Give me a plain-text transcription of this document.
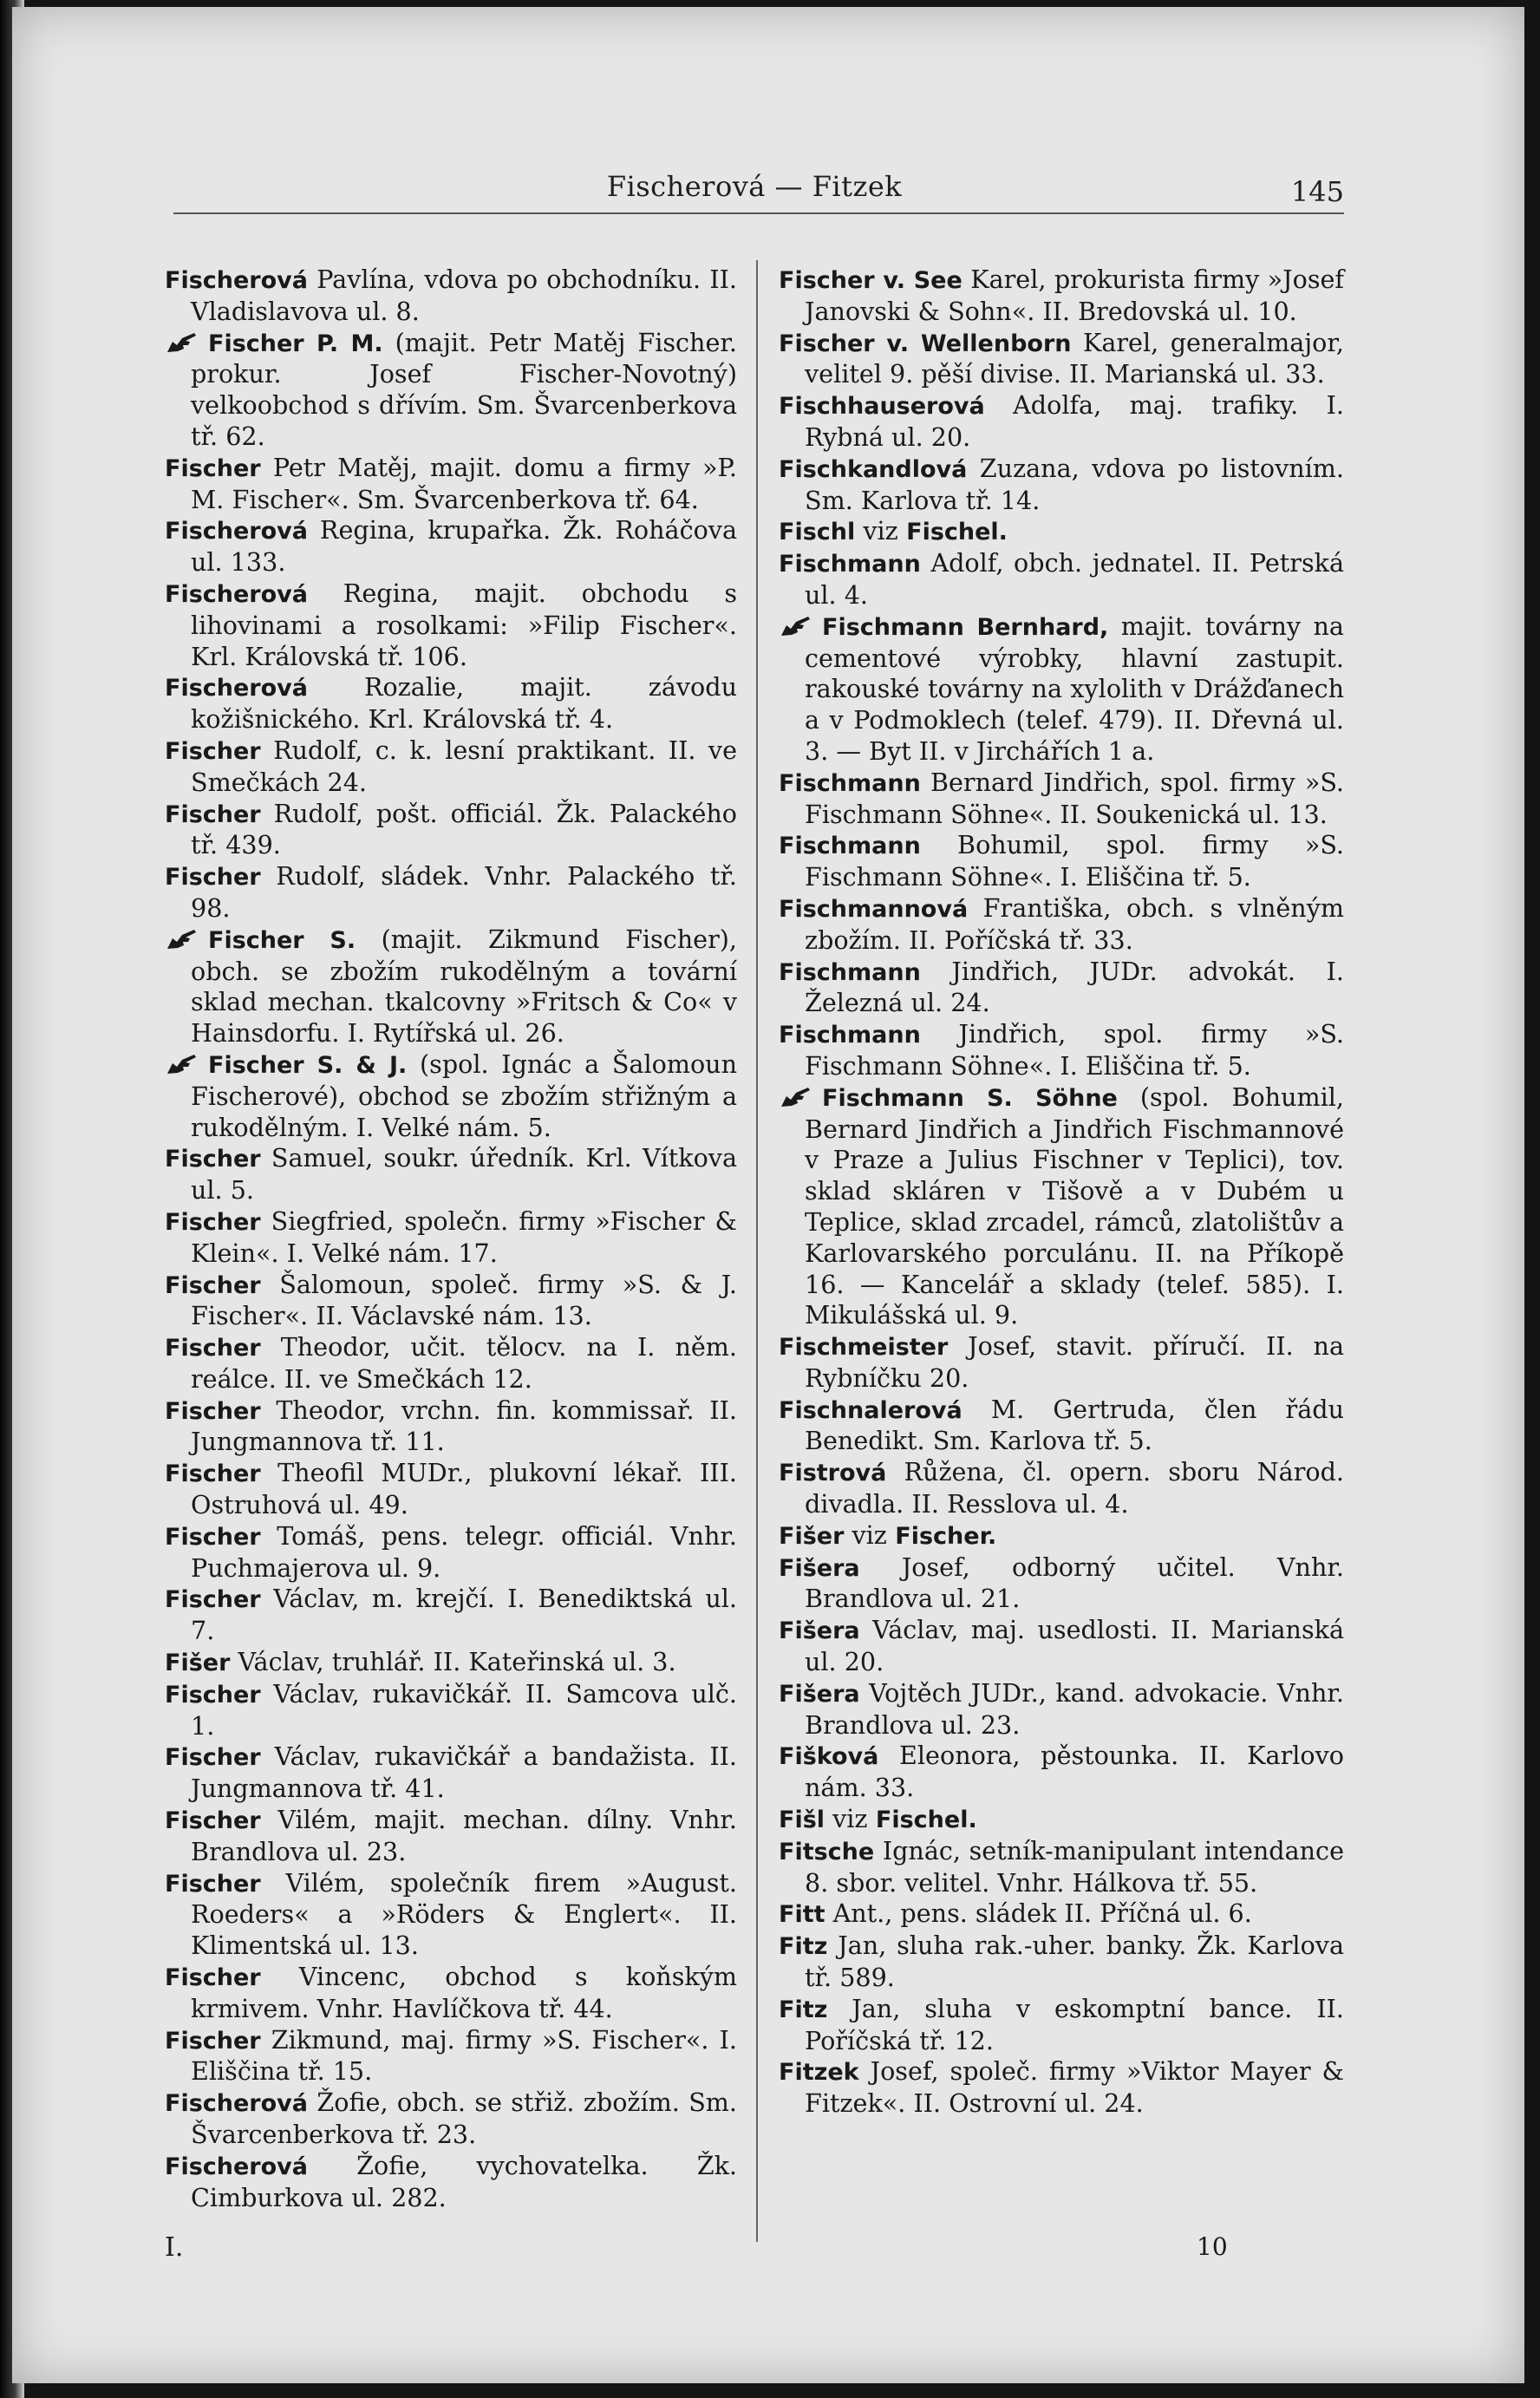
Fischerová — Fitzek	145
Fischerová Pavlína, vdova po obchodníku. II. Vladislavova ul. 8.
Fischer P. M. (majit. Petr Matěj Fischer. prokur. Josef Fischer-Novotný) velkoobchod s dřívím. Sm. Švarcenberkova tř. 62.
Fischer Petr Matěj, majit. domu a firmy »P. M. Fischer«. Sm. Švarcenberkova tř. 64.
Fischerová Regina, krupařka. Žk. Roháčova ul. 133.
Fischerová Regina, majit. obchodu s lihovinami a rosolkami: »Filip Fischer«. Krl. Královská tř. 106.
Fischerová Rozalie, majit. závodu kožišnického. Krl. Královská tř. 4.
Fischer Rudolf, c. k. lesní praktikant. II. ve Smečkách 24.
Fischer Rudolf, pošt. officiál. Žk. Palackého tř. 439.
Fischer Rudolf, sládek. Vnhr. Palackého tř. 98.
Fischer S. (majit. Zikmund Fischer), obch. se zbožím rukodělným a tovární sklad mechan. tkalcovny »Fritsch & Co« v Hainsdorfu. I. Rytířská ul. 26.
Fischer S. & J. (spol. Ignác a Šalomoun Fischerové), obchod se zbožím střižným a rukodělným. I. Velké nám. 5.
Fischer Samuel, soukr. úředník. Krl. Vítkova ul. 5.
Fischer Siegfried, společn. firmy »Fischer & Klein«. I. Velké nám. 17.
Fischer Šalomoun, společ. firmy »S. & J. Fischer«. II. Václavské nám. 13.
Fischer Theodor, učit. tělocv. na I. něm. reálce. II. ve Smečkách 12.
Fischer Theodor, vrchn. fin. kommissař. II. Jungmannova tř. 11.
Fischer Theofil MUDr., plukovní lékař. III. Ostruhová ul. 49.
Fischer Tomáš, pens. telegr. officiál. Vnhr. Puchmajerova ul. 9.
Fischer Václav, m. krejčí. I. Benediktská ul. 7.
Fišer Václav, truhlář. II. Kateřinská ul. 3.
Fischer Václav, rukavičkář. II. Samcova ulč. 1.
Fischer Václav, rukavičkář a bandažista. II. Jungmannova tř. 41.
Fischer Vilém, majit. mechan. dílny. Vnhr. Brandlova ul. 23.
Fischer Vilém, společník firem »August. Roeders« a »Röders & Englert«. II. Klimentská ul. 13.
Fischer Vincenc, obchod s koňským krmivem. Vnhr. Havlíčkova tř. 44.
Fischer Zikmund, maj. firmy »S. Fischer«. I. Eliščina tř. 15.
Fischerová Žofie, obch. se střiž. zbožím. Sm. Švarcenberkova tř. 23.
Fischerová Žofie, vychovatelka. Žk. Cimburkova ul. 282.
Fischer v. See Karel, prokurista firmy »Josef Janovski & Sohn«. II. Bredovská ul. 10.
Fischer v. Wellenborn Karel, generalmajor, velitel 9. pěší divise. II. Marianská ul. 33.
Fischhauserová Adolfa, maj. trafiky. I. Rybná ul. 20.
Fischkandlová Zuzana, vdova po listovním. Sm. Karlova tř. 14.
Fischl viz Fischel.
Fischmann Adolf, obch. jednatel. II. Petrská ul. 4.
Fischmann Bernhard, majit. továrny na cementové výrobky, hlavní zastupit. rakouské továrny na xylolith v Drážďanech a v Podmoklech (telef. 479). II. Dřevná ul. 3. — Byt II. v Jirchářích 1 a.
Fischmann Bernard Jindřich, spol. firmy »S. Fischmann Söhne«. II. Soukenická ul. 13.
Fischmann Bohumil, spol. firmy »S. Fischmann Söhne«. I. Eliščina tř. 5.
Fischmannová Františka, obch. s vlněným zbožím. II. Poříčská tř. 33.
Fischmann Jindřich, JUDr. advokát. I. Železná ul. 24.
Fischmann Jindřich, spol. firmy »S. Fischmann Söhne«. I. Eliščina tř. 5.
Fischmann S. Söhne (spol. Bohumil, Bernard Jindřich a Jindřich Fischmannové v Praze a Julius Fischner v Teplici), tov. sklad skláren v Tišově a v Dubém u Teplice, sklad zrcadel, rámců, zlatolištův a Karlovarského porculánu. II. na Příkopě 16. — Kancelář a sklady (telef. 585). I. Mikulášská ul. 9.
Fischmeister Josef, stavit. příručí. II. na Rybníčku 20.
Fischnalerová M. Gertruda, člen řádu Benedikt. Sm. Karlova tř. 5.
Fistrová Růžena, čl. opern. sboru Národ. divadla. II. Resslova ul. 4.
Fišer viz Fischer.
Fišera Josef, odborný učitel. Vnhr. Brandlova ul. 21.
Fišera Václav, maj. usedlosti. II. Marianská ul. 20.
Fišera Vojtěch JUDr., kand. advokacie. Vnhr. Brandlova ul. 23.
Fišková Eleonora, pěstounka. II. Karlovo nám. 33.
Fišl viz Fischel.
Fitsche Ignác, setník-manipulant intendance 8. sbor. velitel. Vnhr. Hálkova tř. 55.
Fitt Ant., pens. sládek II. Příčná ul. 6.
Fitz Jan, sluha rak.-uher. banky. Žk. Karlova tř. 589.
Fitz Jan, sluha v eskomptní bance. II. Poříčská tř. 12.
Fitzek Josef, společ. firmy »Viktor Mayer & Fitzek«. II. Ostrovní ul. 24.
I.	10
